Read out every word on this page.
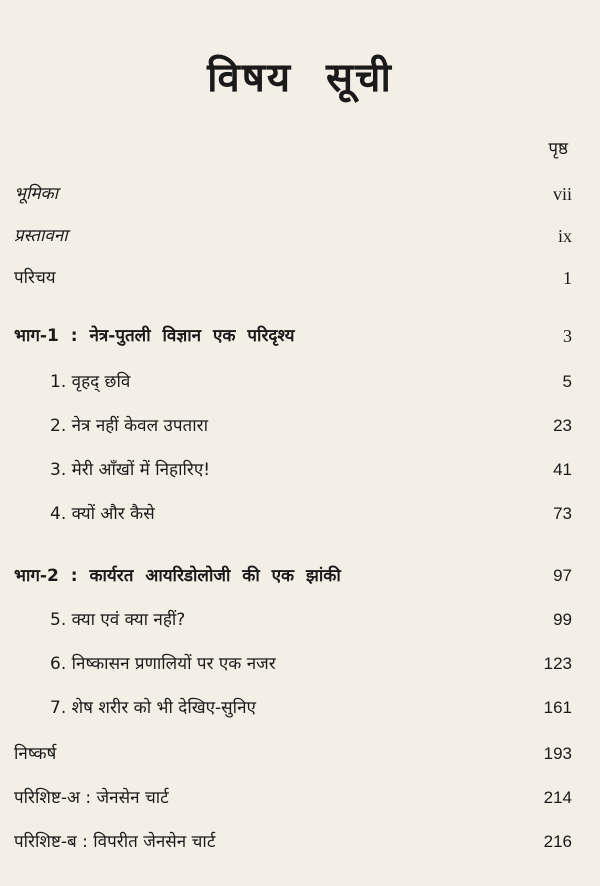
विषय सूची
पृष्ठ
भूमिका	vii
प्रस्तावना	ix
परिचय	1
भाग-1 : नेत्र-पुतली विज्ञान एक परिदृश्य	3
1. वृहद् छवि	5
2. नेत्र नहीं केवल उपतारा	23
3. मेरी आँखों में निहारिए!	41
4. क्यों और कैसे	73
भाग-2 : कार्यरत आयरिडोलोजी की एक झांकी	97
5. क्या एवं क्या नहीं?	99
6. निष्कासन प्रणालियों पर एक नजर	123
7. शेष शरीर को भी देखिए-सुनिए	161
निष्कर्ष	193
परिशिष्ट-अ : जेनसेन चार्ट	214
परिशिष्ट-ब : विपरीत जेनसेन चार्ट	216
